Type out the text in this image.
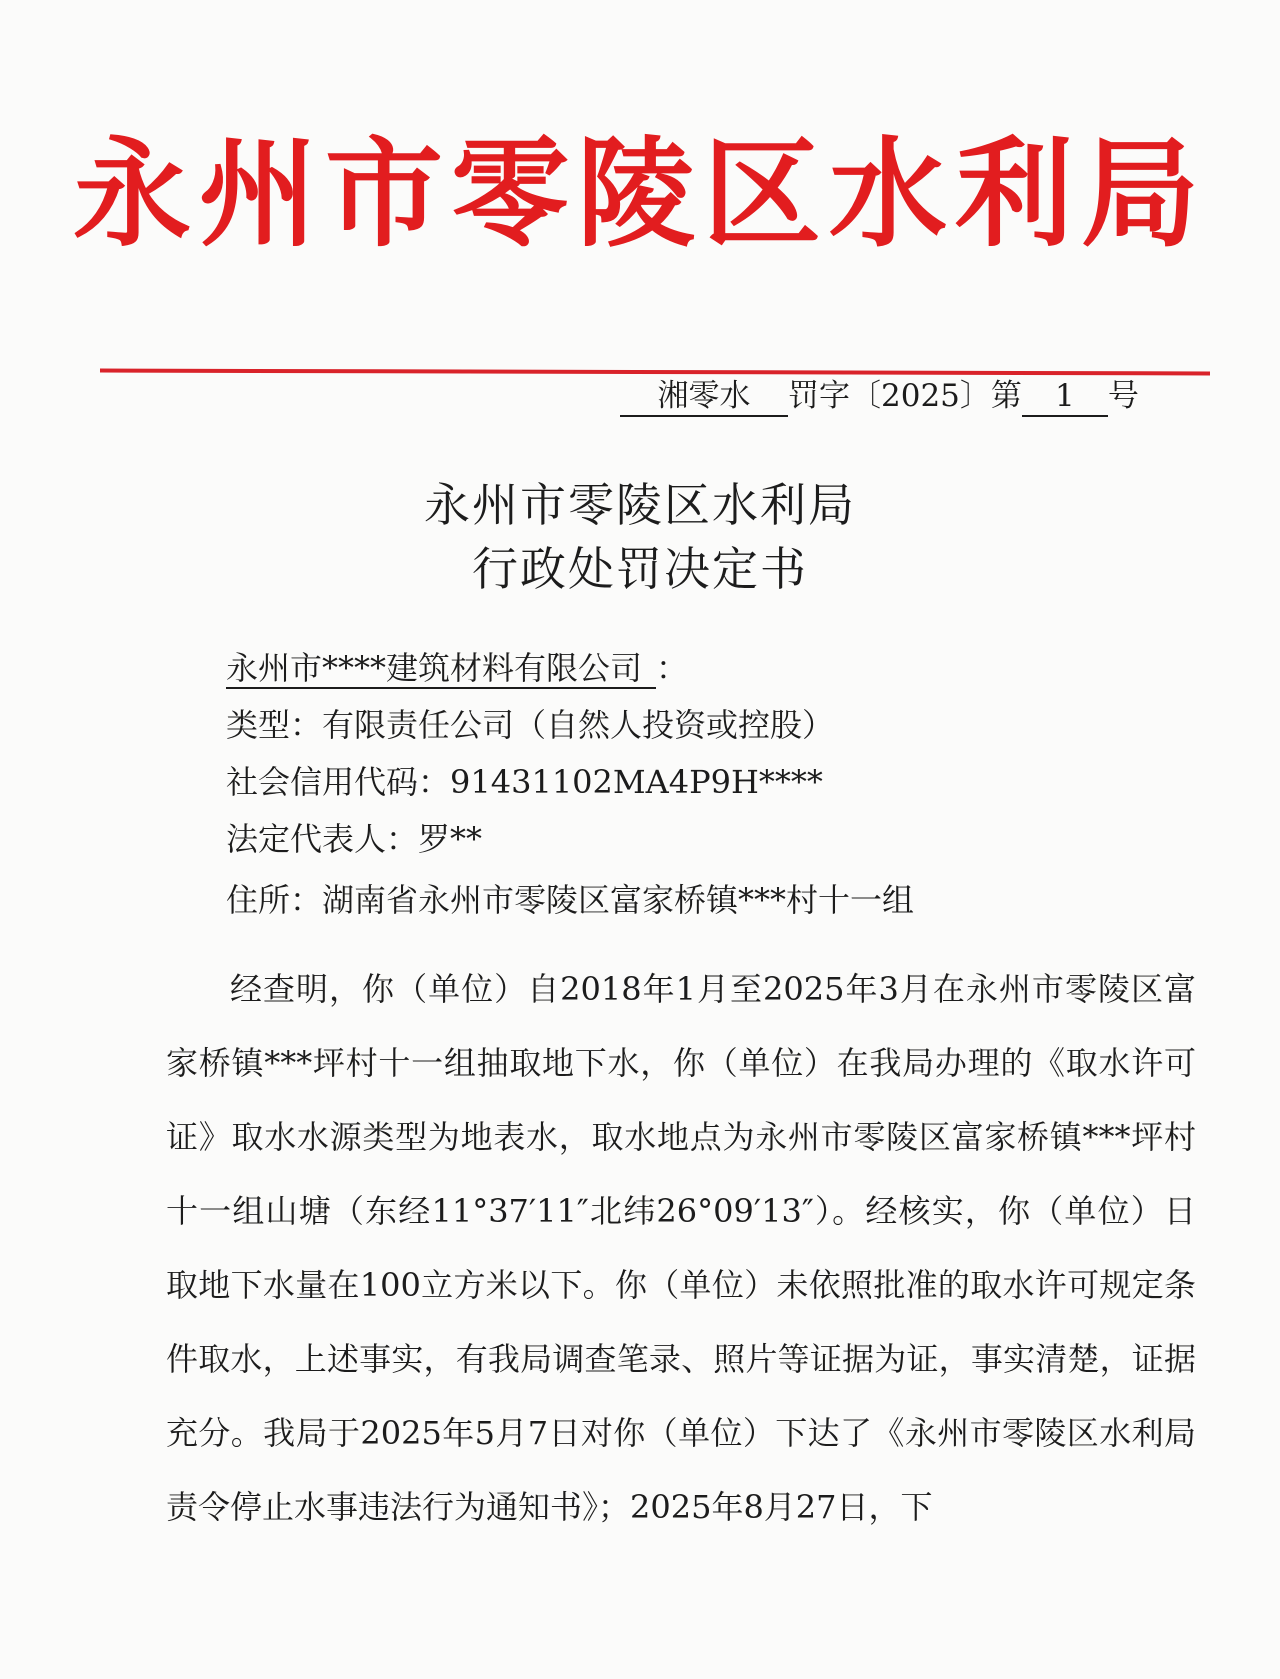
永州市零陵区水利局
湘零水 罚字〔2025〕第 1 号
永州市零陵区水利局
行政处罚决定书
永州市****建筑材料有限公司 ：
类型：有限责任公司（自然人投资或控股）
社会信用代码：91431102MA4P9H****
法定代表人：罗**
住所：湖南省永州市零陵区富家桥镇***村十一组

经查明，你（单位）自2018年1月至2025年3月在永州市零陵区富家桥镇***坪村十一组抽取地下水，你（单位）在我局办理的《取水许可证》取水水源类型为地表水，取水地点为永州市零陵区富家桥镇***坪村十一组山塘（东经11°37′11″北纬26°09′13″）。经核实，你（单位）日取地下水量在100立方米以下。你（单位）未依照批准的取水许可规定条件取水，上述事实，有我局调查笔录、照片等证据为证，事实清楚，证据充分。我局于2025年5月7日对你（单位）下达了《永州市零陵区水利局责令停止水事违法行为通知书》；2025年8月27日，下
